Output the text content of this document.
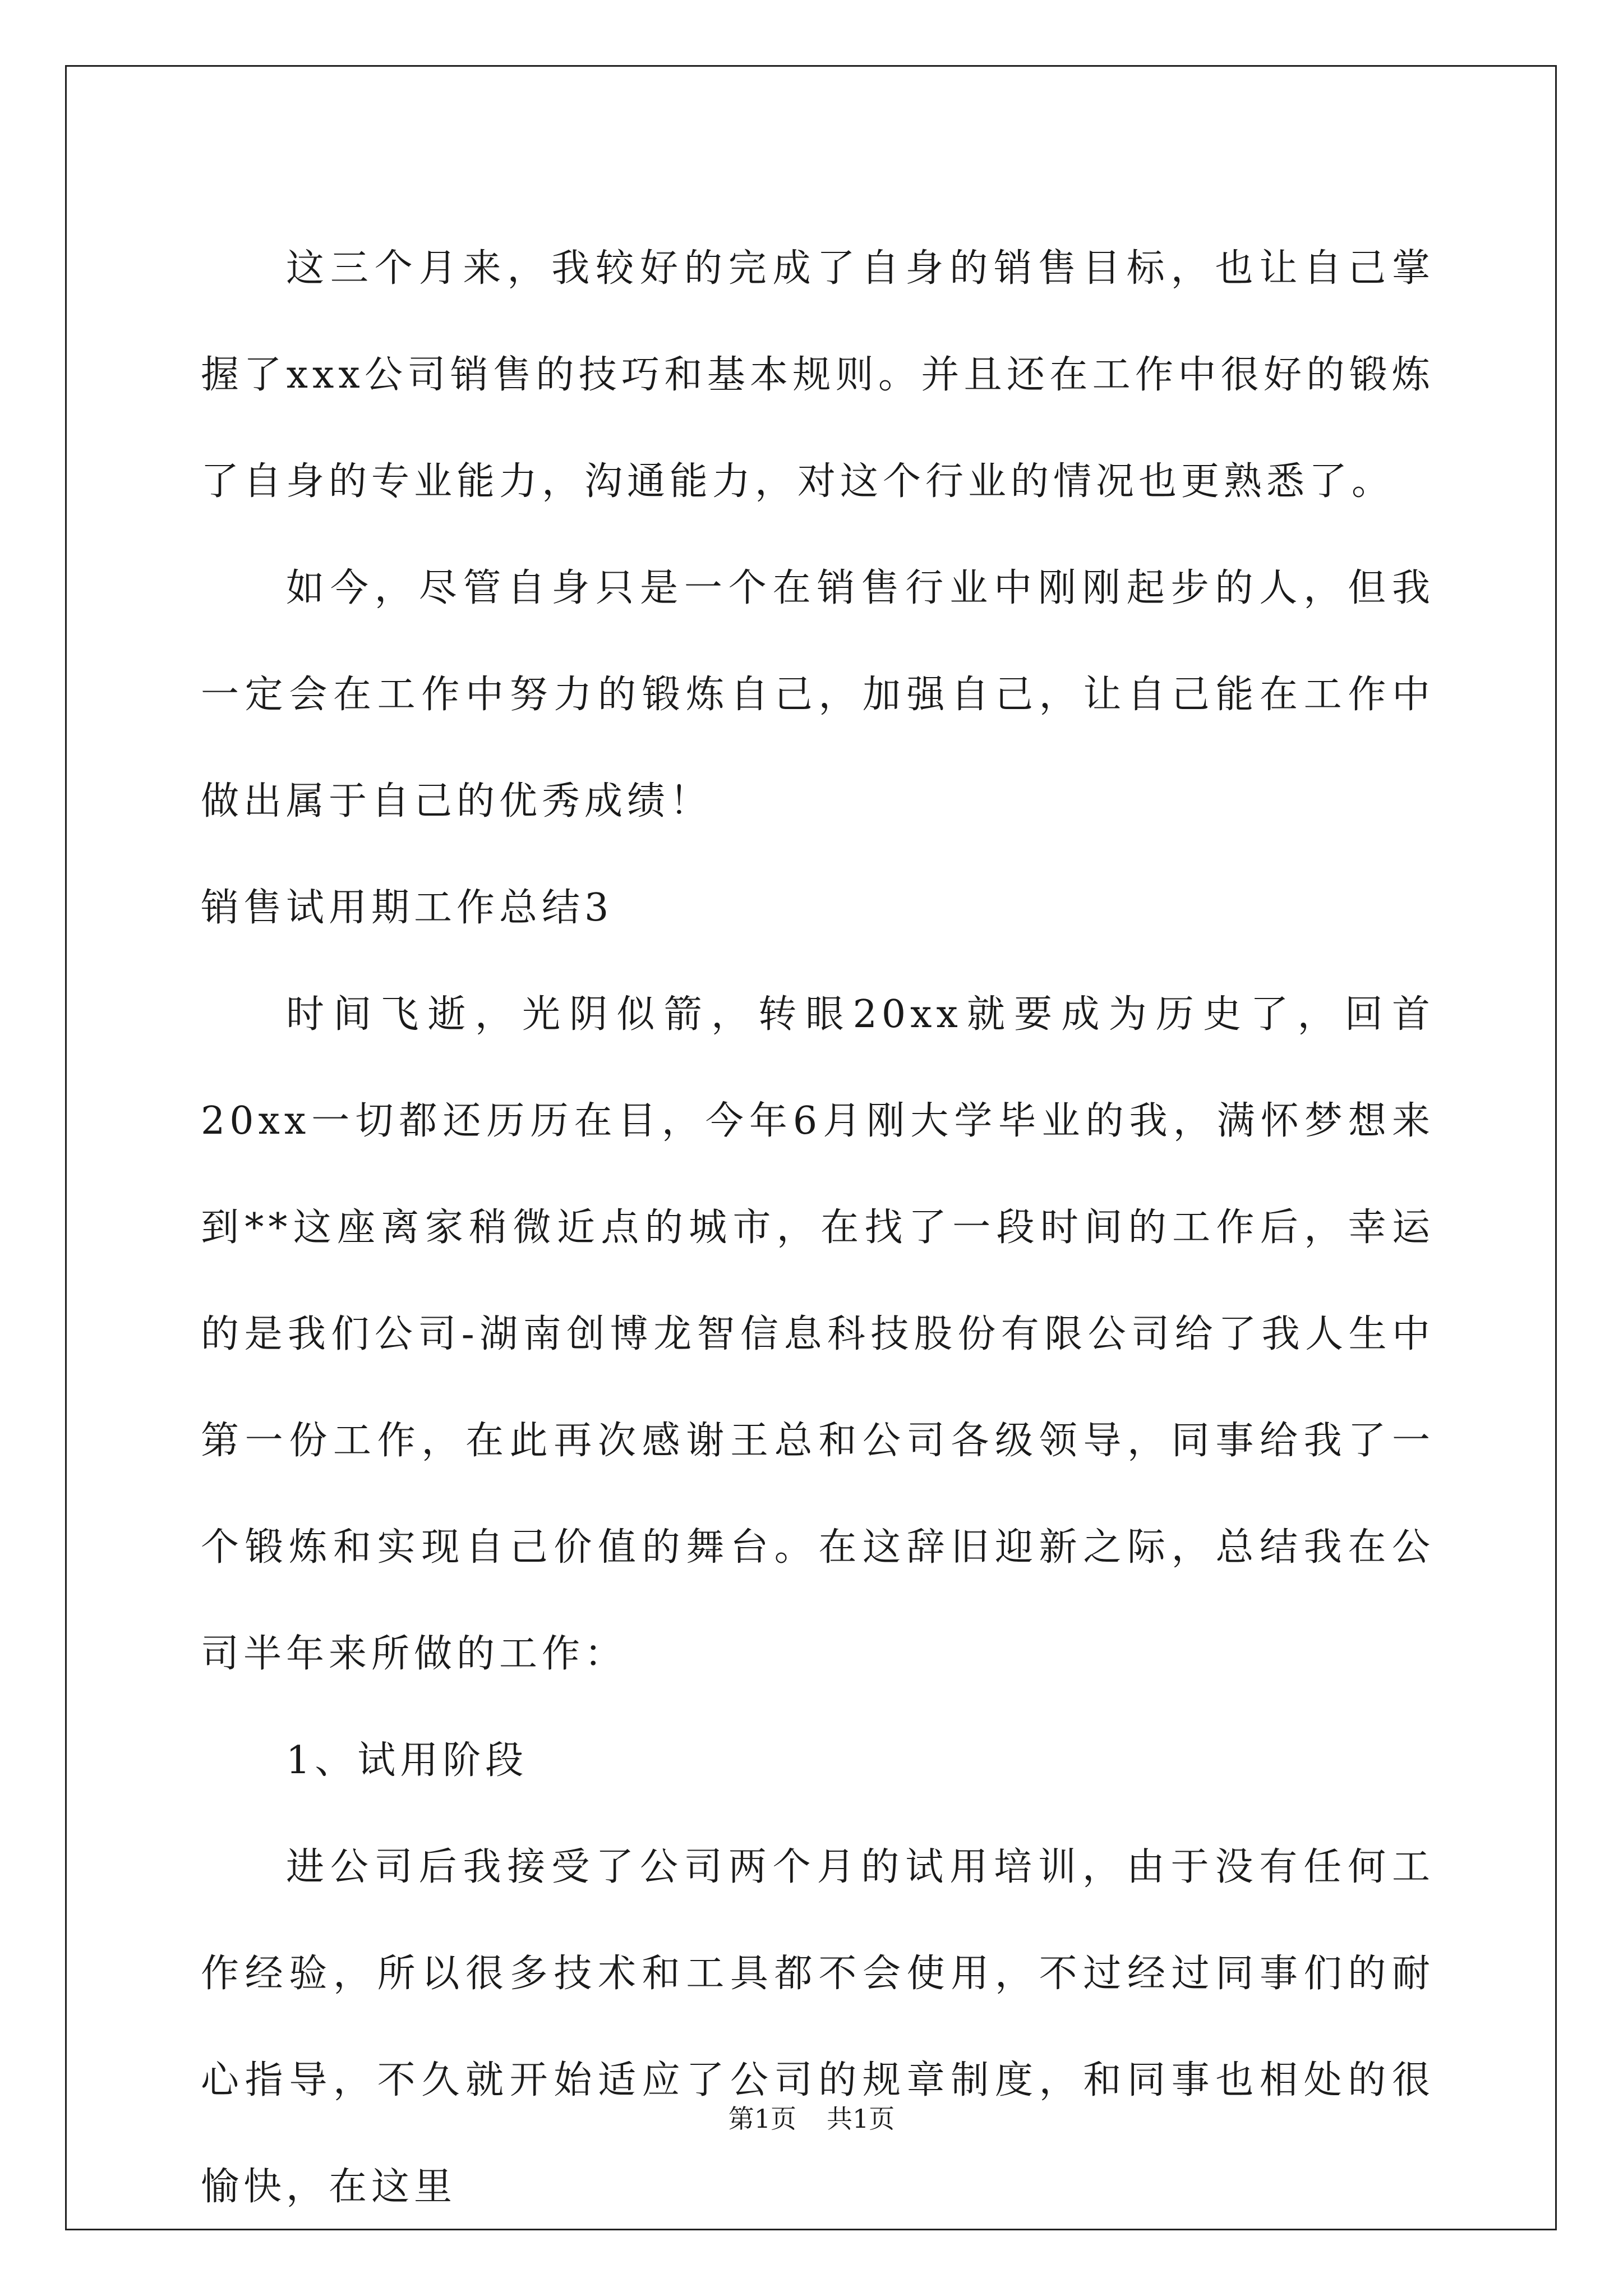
这三个月来，我较好的完成了自身的销售目标，也让自己掌握了xxx公司销售的技巧和基本规则。并且还在工作中很好的锻炼了自身的专业能力，沟通能力，对这个行业的情况也更熟悉了。

如今，尽管自身只是一个在销售行业中刚刚起步的人，但我一定会在工作中努力的锻炼自己，加强自己，让自己能在工作中做出属于自己的优秀成绩！

销售试用期工作总结3

时间飞逝，光阴似箭，转眼20xx就要成为历史了，回首20xx一切都还历历在目，今年6月刚大学毕业的我，满怀梦想来到**这座离家稍微近点的城市，在找了一段时间的工作后，幸运的是我们公司-湖南创博龙智信息科技股份有限公司给了我人生中第一份工作，在此再次感谢王总和公司各级领导，同事给我了一个锻炼和实现自己价值的舞台。在这辞旧迎新之际，总结我在公司半年来所做的工作：

1、试用阶段

进公司后我接受了公司两个月的试用培训，由于没有任何工作经验，所以很多技术和工具都不会使用，不过经过同事们的耐心指导，不久就开始适应了公司的规章制度，和同事也相处的很愉快，在这里

第1页 共1页
